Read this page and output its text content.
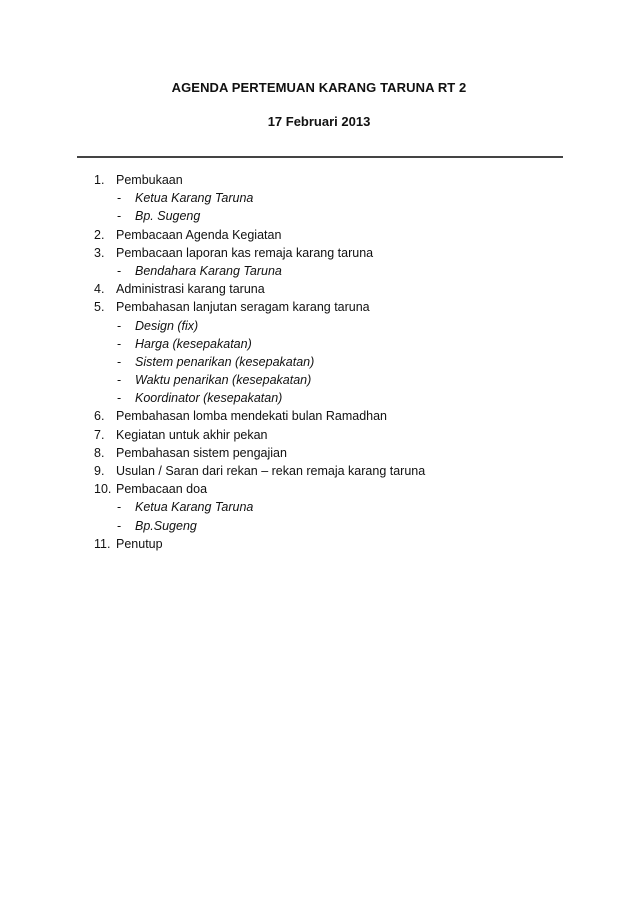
AGENDA PERTEMUAN KARANG TARUNA RT 2
17 Februari 2013
1. Pembukaan
- Ketua Karang Taruna
- Bp. Sugeng
2. Pembacaan Agenda Kegiatan
3. Pembacaan laporan kas remaja karang taruna
- Bendahara Karang Taruna
4. Administrasi karang taruna
5. Pembahasan lanjutan seragam karang taruna
- Design (fix)
- Harga (kesepakatan)
- Sistem penarikan (kesepakatan)
- Waktu penarikan (kesepakatan)
- Koordinator (kesepakatan)
6. Pembahasan lomba mendekati bulan Ramadhan
7. Kegiatan untuk akhir pekan
8. Pembahasan sistem pengajian
9. Usulan / Saran dari rekan – rekan remaja karang taruna
10. Pembacaan doa
- Ketua Karang Taruna
- Bp.Sugeng
11. Penutup
